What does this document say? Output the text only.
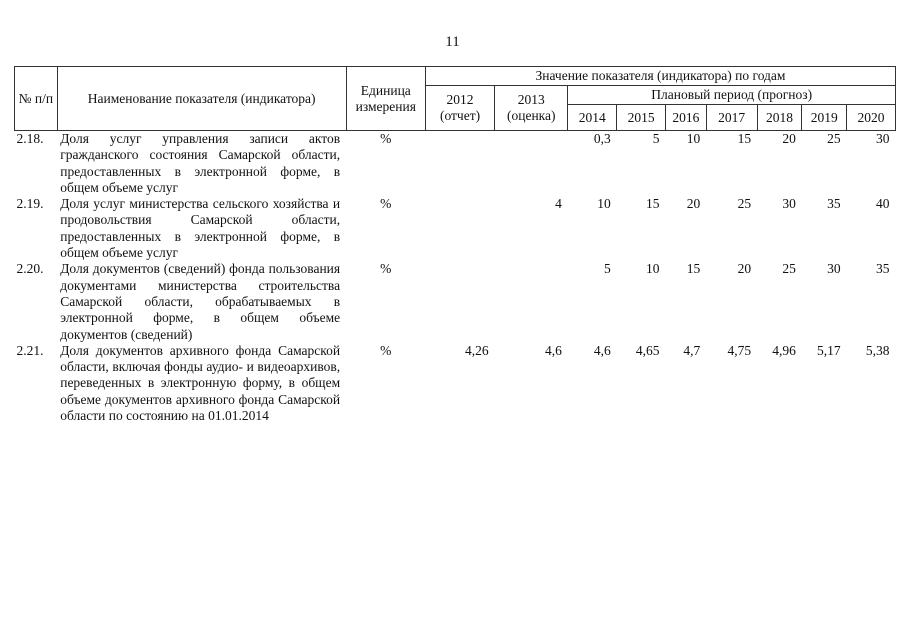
11
№ п/п	Наименование показателя (индикатора)	Единица измерения	Значение показателя (индикатора) по годам								
			2012 (отчет)	2013 (оценка)	Плановый период (прогноз)						
					2014	2015	2016	2017	2018	2019	2020
2.18.	Доля услуг управления записи актов гражданского состояния Самарской области, предоставленных в электронной форме, в общем объеме услуг	%			0,3	5	10	15	20	25	30
2.19.	Доля услуг министерства сельского хозяйства и продовольствия Самарской области, предоставленных в электронной форме, в общем объеме услуг	%		4	10	15	20	25	30	35	40
2.20.	Доля документов (сведений) фонда пользования документами министерства строительства Самарской области, обрабатываемых в электронной форме, в общем объеме документов (сведений)	%			5	10	15	20	25	30	35
2.21.	Доля документов архивного фонда Самарской области, включая фонды аудио- и видеоархивов, переведенных в электронную форму, в общем объеме документов архивного фонда Самарской области по состоянию на 01.01.2014	%	4,26	4,6	4,6	4,65	4,7	4,75	4,96	5,17	5,38
